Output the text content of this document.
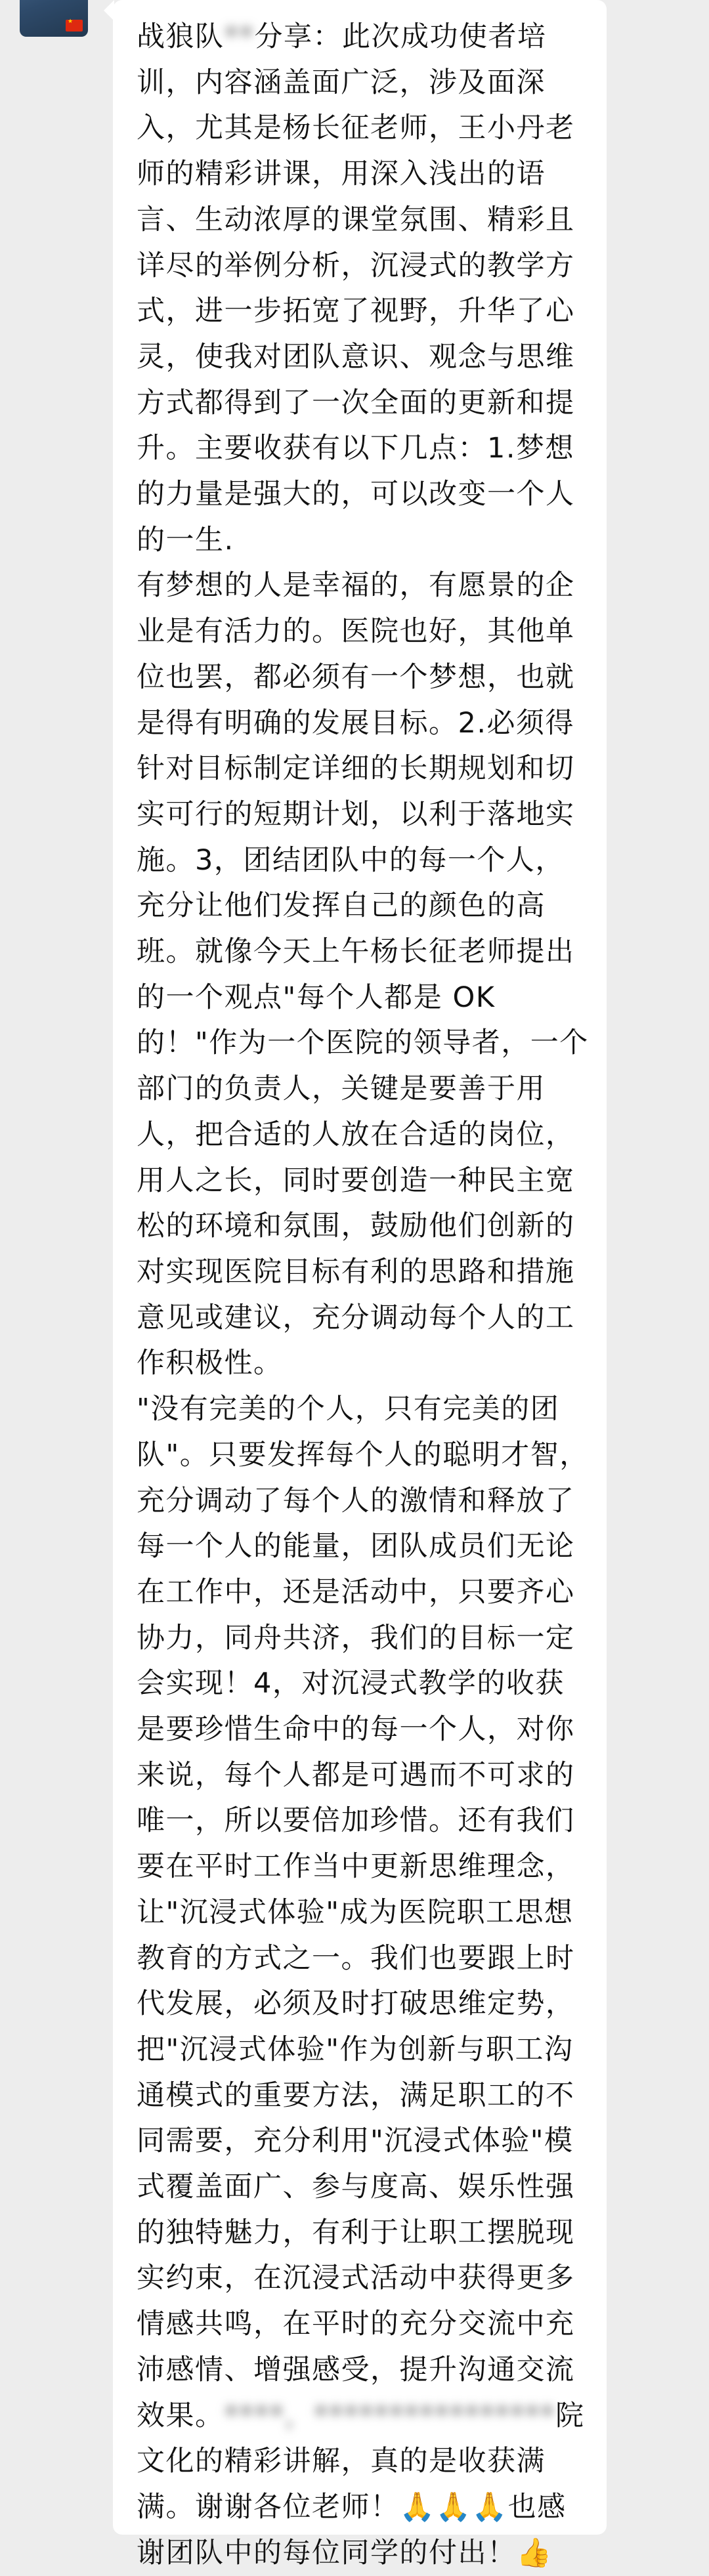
★

战狼队**分享：此次成功使者培训，内容涵盖面广泛，涉及面深入，尤其是杨长征老师，王小丹老师的精彩讲课，用深入浅出的语言、生动浓厚的课堂氛围、精彩且详尽的举例分析，沉浸式的教学方式，进一步拓宽了视野，升华了心灵，使我对团队意识、观念与思维方式都得到了一次全面的更新和提升。主要收获有以下几点：1.梦想的力量是强大的，可以改变一个人的一生.
有梦想的人是幸福的，有愿景的企业是有活力的。医院也好，其他单位也罢，都必须有一个梦想，也就是得有明确的发展目标。2.必须得针对目标制定详细的长期规划和切实可行的短期计划，以利于落地实施。3，团结团队中的每一个人，充分让他们发挥自己的颜色的高班。就像今天上午杨长征老师提出的一个观点"每个人都是 OK
的！"作为一个医院的领导者，一个部门的负责人，关键是要善于用人，把合适的人放在合适的岗位，用人之长，同时要创造一种民主宽松的环境和氛围，鼓励他们创新的对实现医院目标有利的思路和措施意见或建议，充分调动每个人的工作积极性。
"没有完美的个人，只有完美的团队"。只要发挥每个人的聪明才智，充分调动了每个人的激情和释放了每一个人的能量，团队成员们无论在工作中，还是活动中，只要齐心协力，同舟共济，我们的目标一定会实现！4，对沉浸式教学的收获是要珍惜生命中的每一个人，对你来说，每个人都是可遇而不可求的唯一，所以要倍加珍惜。还有我们要在平时工作当中更新思维理念，让"沉浸式体验"成为医院职工思想教育的方式之一。我们也要跟上时代发展，必须及时打破思维定势，把"沉浸式体验"作为创新与职工沟通模式的重要方法，满足职工的不同需要，充分利用"沉浸式体验"模式覆盖面广、参与度高、娱乐性强的独特魅力，有利于让职工摆脱现实约束，在沉浸式活动中获得更多情感共鸣，在平时的充分交流中充沛感情、增强感受，提升沟通交流效果。****，****************院文化的精彩讲解，真的是收获满满。谢谢各位老师！🙏🙏🙏也感谢团队中的每位同学的付出！👍
